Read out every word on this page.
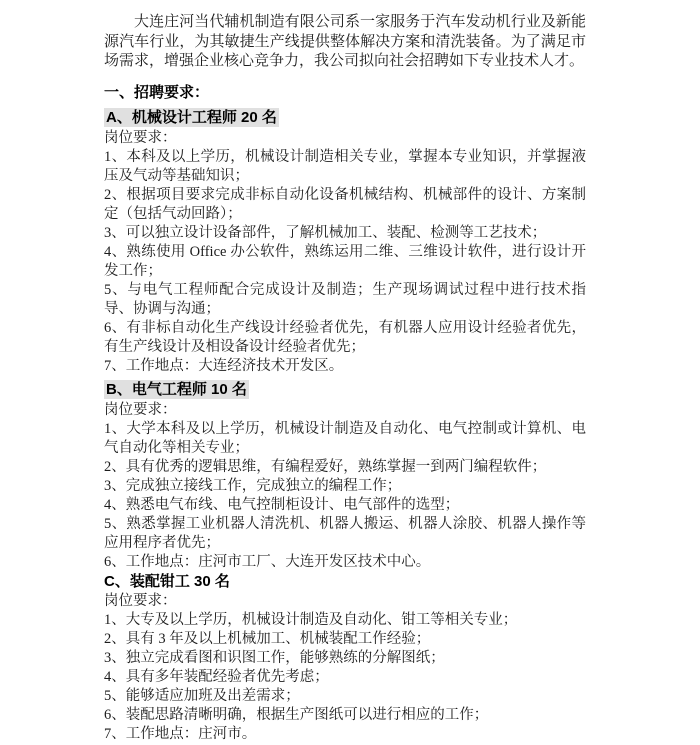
大连庄河当代辅机制造有限公司系一家服务于汽车发动机行业及新能源汽车行业，为其敏捷生产线提供整体解决方案和清洗装备。为了满足市场需求，增强企业核心竞争力，我公司拟向社会招聘如下专业技术人才。

一、招聘要求：
A、机械设计工程师 20 名

岗位要求：

1、本科及以上学历，机械设计制造相关专业，掌握本专业知识，并掌握液压及气动等基础知识；

2、根据项目要求完成非标自动化设备机械结构、机械部件的设计、方案制定（包括气动回路）；

3、可以独立设计设备部件，了解机械加工、装配、检测等工艺技术；

4、熟练使用 Office 办公软件，熟练运用二维、三维设计软件，进行设计开发工作；

5、与电气工程师配合完成设计及制造；生产现场调试过程中进行技术指导、协调与沟通；

6、有非标自动化生产线设计经验者优先，有机器人应用设计经验者优先，有生产线设计及相设备设计经验者优先；

7、工作地点：大连经济技术开发区。

B、电气工程师 10 名

岗位要求：

1、大学本科及以上学历，机械设计制造及自动化、电气控制或计算机、电气自动化等相关专业；

2、具有优秀的逻辑思维，有编程爱好，熟练掌握一到两门编程软件；

3、完成独立接线工作，完成独立的编程工作；

4、熟悉电气布线、电气控制柜设计、电气部件的选型；

5、熟悉掌握工业机器人清洗机、机器人搬运、机器人涂胶、机器人操作等应用程序者优先；

6、工作地点：庄河市工厂、大连开发区技术中心。

C、装配钳工 30 名

岗位要求：

1、大专及以上学历，机械设计制造及自动化、钳工等相关专业；

2、具有 3 年及以上机械加工、机械装配工作经验；

3、独立完成看图和识图工作，能够熟练的分解图纸；

4、具有多年装配经验者优先考虑；

5、能够适应加班及出差需求；

6、装配思路清晰明确，根据生产图纸可以进行相应的工作；

7、工作地点：庄河市。
